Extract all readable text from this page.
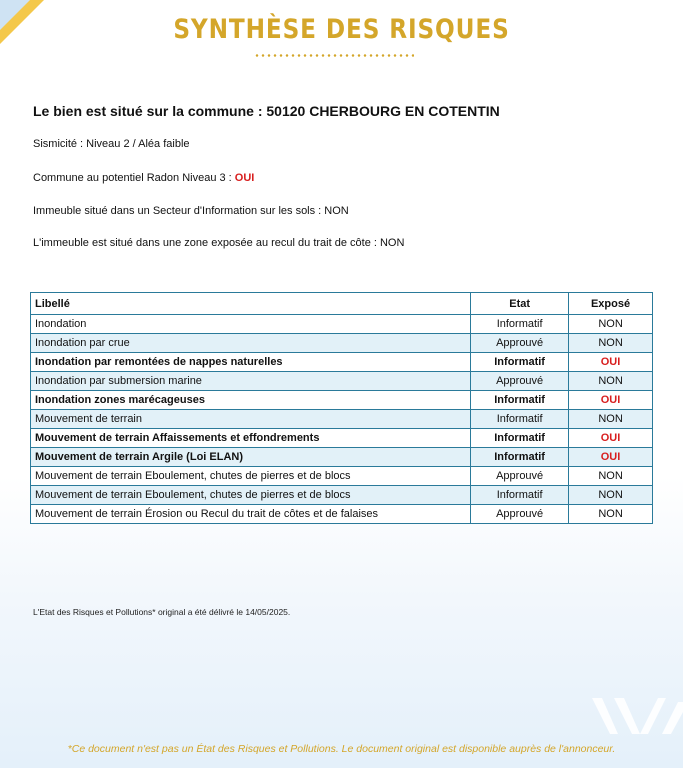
SYNTHÈSE DES RISQUES
Le bien est situé sur la commune : 50120 CHERBOURG EN COTENTIN
Sismicité : Niveau 2 / Aléa faible
Commune au potentiel Radon Niveau 3 : OUI
Immeuble situé dans un Secteur d'Information sur les sols : NON
L'immeuble est situé dans une zone exposée au recul du trait de côte : NON
Libellé	Etat	Exposé
Inondation	Informatif	NON
Inondation par crue	Approuvé	NON
Inondation par remontées de nappes naturelles	Informatif	OUI
Inondation par submersion marine	Approuvé	NON
Inondation zones marécageuses	Informatif	OUI
Mouvement de terrain	Informatif	NON
Mouvement de terrain Affaissements et effondrements	Informatif	OUI
Mouvement de terrain Argile (Loi ELAN)	Informatif	OUI
Mouvement de terrain Eboulement, chutes de pierres et de blocs	Approuvé	NON
Mouvement de terrain Eboulement, chutes de pierres et de blocs	Informatif	NON
Mouvement de terrain Érosion ou Recul du trait de côtes et de falaises	Approuvé	NON
L'Etat des Risques et Pollutions* original a été délivré le 14/05/2025.
*Ce document n'est pas un État des Risques et Pollutions. Le document original est disponible auprès de l'annonceur.
